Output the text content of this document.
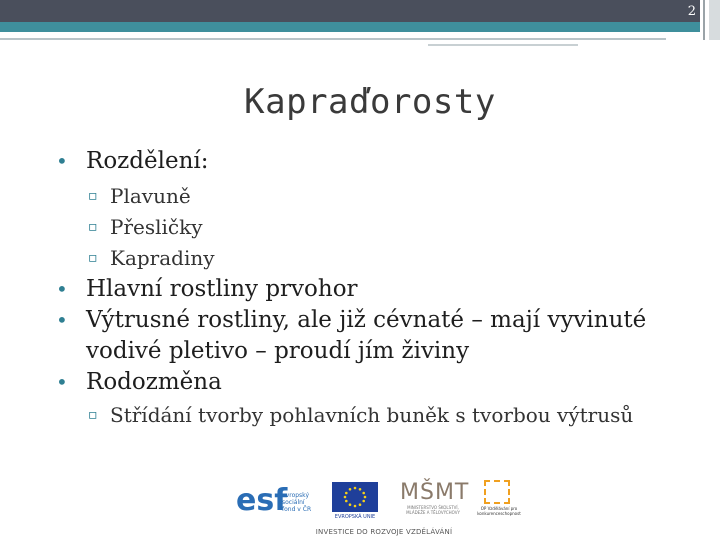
2
Kapraďorosty
• Rozdělení:
▫ Plavuně
▫ Přesličky
▫ Kapradiny
• Hlavní rostliny prvohor
• Výtrusné rostliny, ale již cévnaté – mají vyvinuté vodivé pletivo – proudí jím živiny
• Rodozměna
▫ Střídání tvorby pohlavních buněk s tvorbou výtrusů
esf
evropský
sociální
fond v ČR
EVROPSKÁ UNIE
MŠMT
MINISTERSTVO ŠKOLSTVÍ, MLÁDEŽE A TĚLOVÝCHOVY
OP Vzdělávání pro konkurenceschopnost
INVESTICE DO ROZVOJE VZDĚLÁVÁNÍ
